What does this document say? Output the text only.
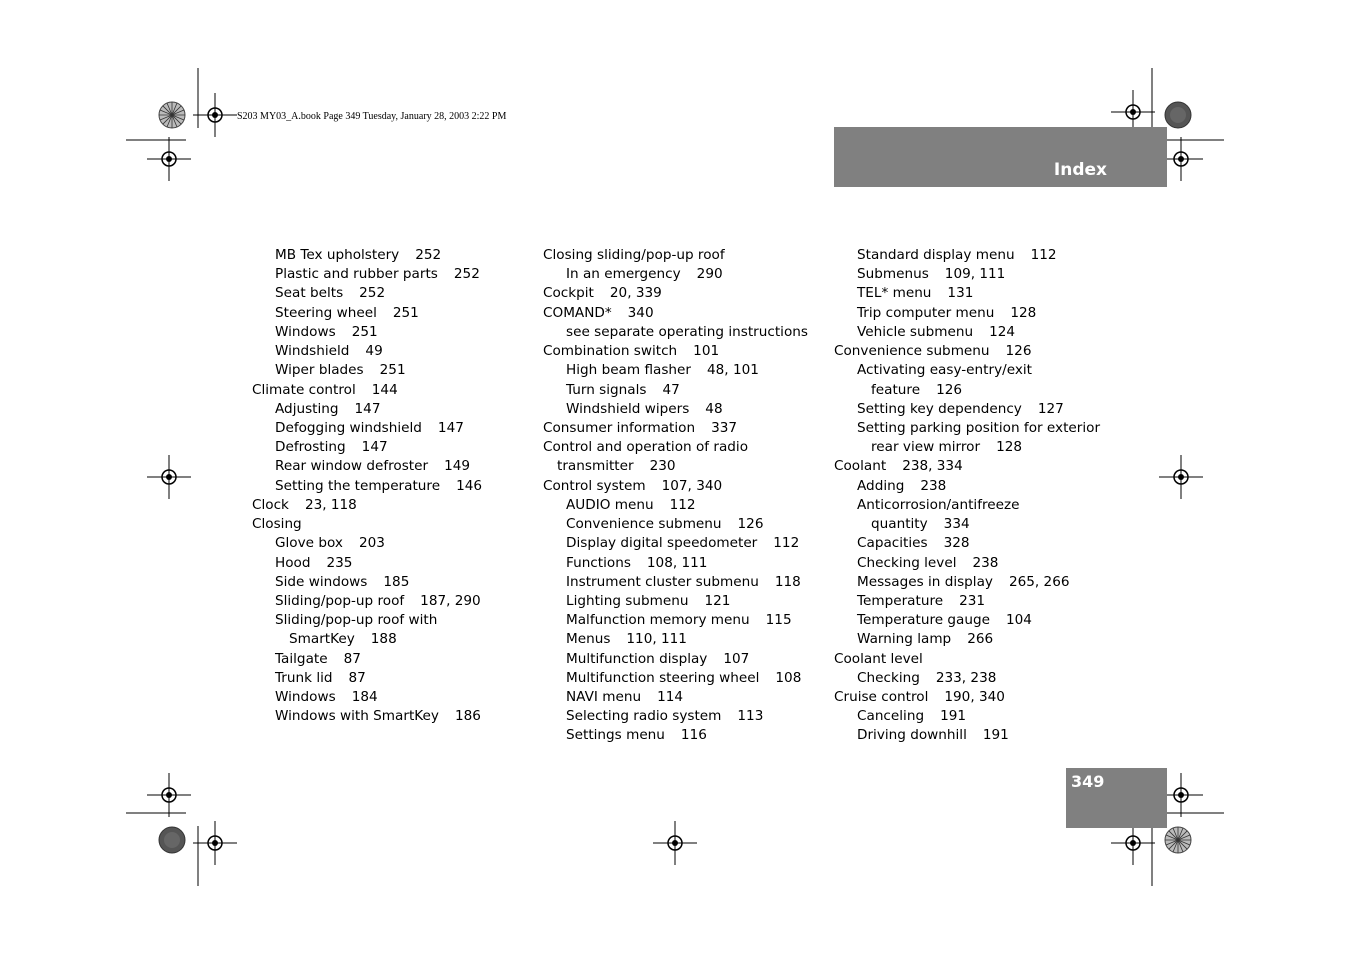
S203 MY03_A.book Page 349 Tuesday, January 28, 2003 2:22 PM
Index
349
MB Tex upholstery 252
Plastic and rubber parts 252
Seat belts 252
Steering wheel 251
Windows 251
Windshield 49
Wiper blades 251
Climate control 144
Adjusting 147
Defogging windshield 147
Defrosting 147
Rear window defroster 149
Setting the temperature 146
Clock 23, 118
Closing
Glove box 203
Hood 235
Side windows 185
Sliding/pop-up roof 187, 290
Sliding/pop-up roof with
SmartKey 188
Tailgate 87
Trunk lid 87
Windows 184
Windows with SmartKey 186
Closing sliding/pop-up roof
In an emergency 290
Cockpit 20, 339
COMAND* 340
see separate operating instructions
Combination switch 101
High beam flasher 48, 101
Turn signals 47
Windshield wipers 48
Consumer information 337
Control and operation of radio
transmitter 230
Control system 107, 340
AUDIO menu 112
Convenience submenu 126
Display digital speedometer 112
Functions 108, 111
Instrument cluster submenu 118
Lighting submenu 121
Malfunction memory menu 115
Menus 110, 111
Multifunction display 107
Multifunction steering wheel 108
NAVI menu 114
Selecting radio system 113
Settings menu 116
Standard display menu 112
Submenus 109, 111
TEL* menu 131
Trip computer menu 128
Vehicle submenu 124
Convenience submenu 126
Activating easy-entry/exit
feature 126
Setting key dependency 127
Setting parking position for exterior
rear view mirror 128
Coolant 238, 334
Adding 238
Anticorrosion/antifreeze
quantity 334
Capacities 328
Checking level 238
Messages in display 265, 266
Temperature 231
Temperature gauge 104
Warning lamp 266
Coolant level
Checking 233, 238
Cruise control 190, 340
Canceling 191
Driving downhill 191
